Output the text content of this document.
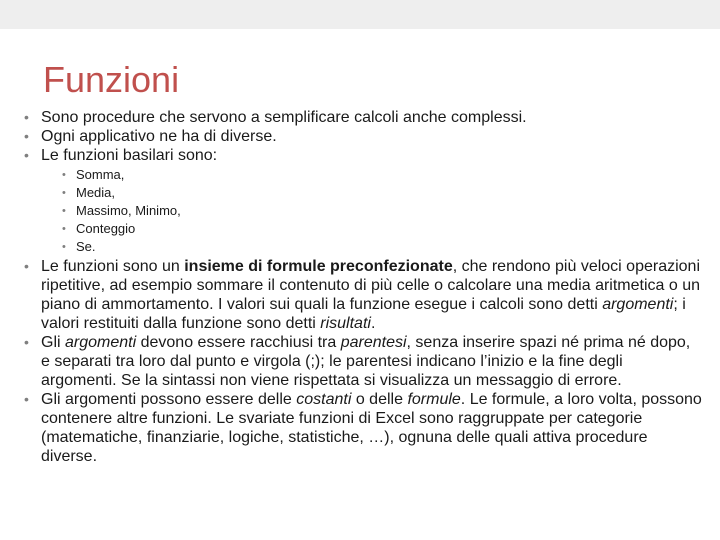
Funzioni
• Sono procedure che servono a semplificare calcoli anche complessi.
• Ogni applicativo ne ha di diverse.
• Le funzioni basilari sono:
• Somma,
• Media,
• Massimo, Minimo,
• Conteggio
• Se.
• Le funzioni sono un insieme di formule preconfezionate, che rendono più veloci operazioni ripetitive, ad esempio sommare il contenuto di più celle o calcolare una media aritmetica o un piano di ammortamento. I valori sui quali la funzione esegue i calcoli sono detti argomenti; i valori restituiti dalla funzione sono detti risultati.
• Gli argomenti devono essere racchiusi tra parentesi, senza inserire spazi né prima né dopo, e separati tra loro dal punto e virgola (;); le parentesi indicano l’inizio e la fine degli argomenti. Se la sintassi non viene rispettata si visualizza un messaggio di errore.
• Gli argomenti possono essere delle costanti o delle formule. Le formule, a loro volta, possono contenere altre funzioni. Le svariate funzioni di Excel sono raggruppate per categorie (matematiche, finanziarie, logiche, statistiche, …), ognuna delle quali attiva procedure diverse.
